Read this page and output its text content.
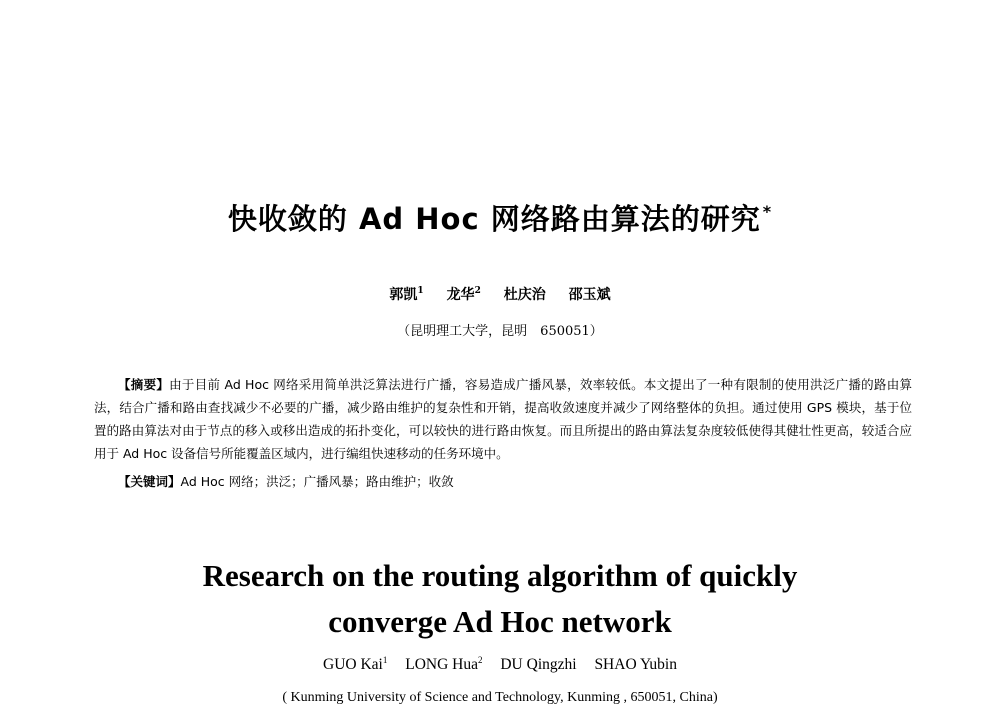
快收敛的 Ad Hoc 网络路由算法的研究 *
郭凯$^1$ 龙华$^2$ 杜庆治 邵玉斌
（昆明理工大学，昆明　650051）
【摘要】由于目前 Ad Hoc 网络采用简单洪泛算法进行广播，容易造成广播风暴，效率较低。本文提出了一种有限制的使用洪泛广播的路由算法，结合广播和路由查找减少不必要的广播，减少路由维护的复杂性和开销，提高收敛速度并减少了网络整体的负担。通过使用 GPS 模块，基于位置的路由算法对由于节点的移入或移出造成的拓扑变化，可以较快的进行路由恢复。而且所提出的路由算法复杂度较低使得其健壮性更高，较适合应用于 Ad Hoc 设备信号所能覆盖区域内，进行编组快速移动的任务环境中。
【关键词】Ad Hoc 网络；洪泛；广播风暴；路由维护；收敛
Research on the routing algorithm of quickly
converge Ad Hoc network
GUO Kai$^1$ LONG Hua$^2$ DU Qingzhi SHAO Yubin
( Kunming University of Science and Technology, Kunming , 650051, China)
